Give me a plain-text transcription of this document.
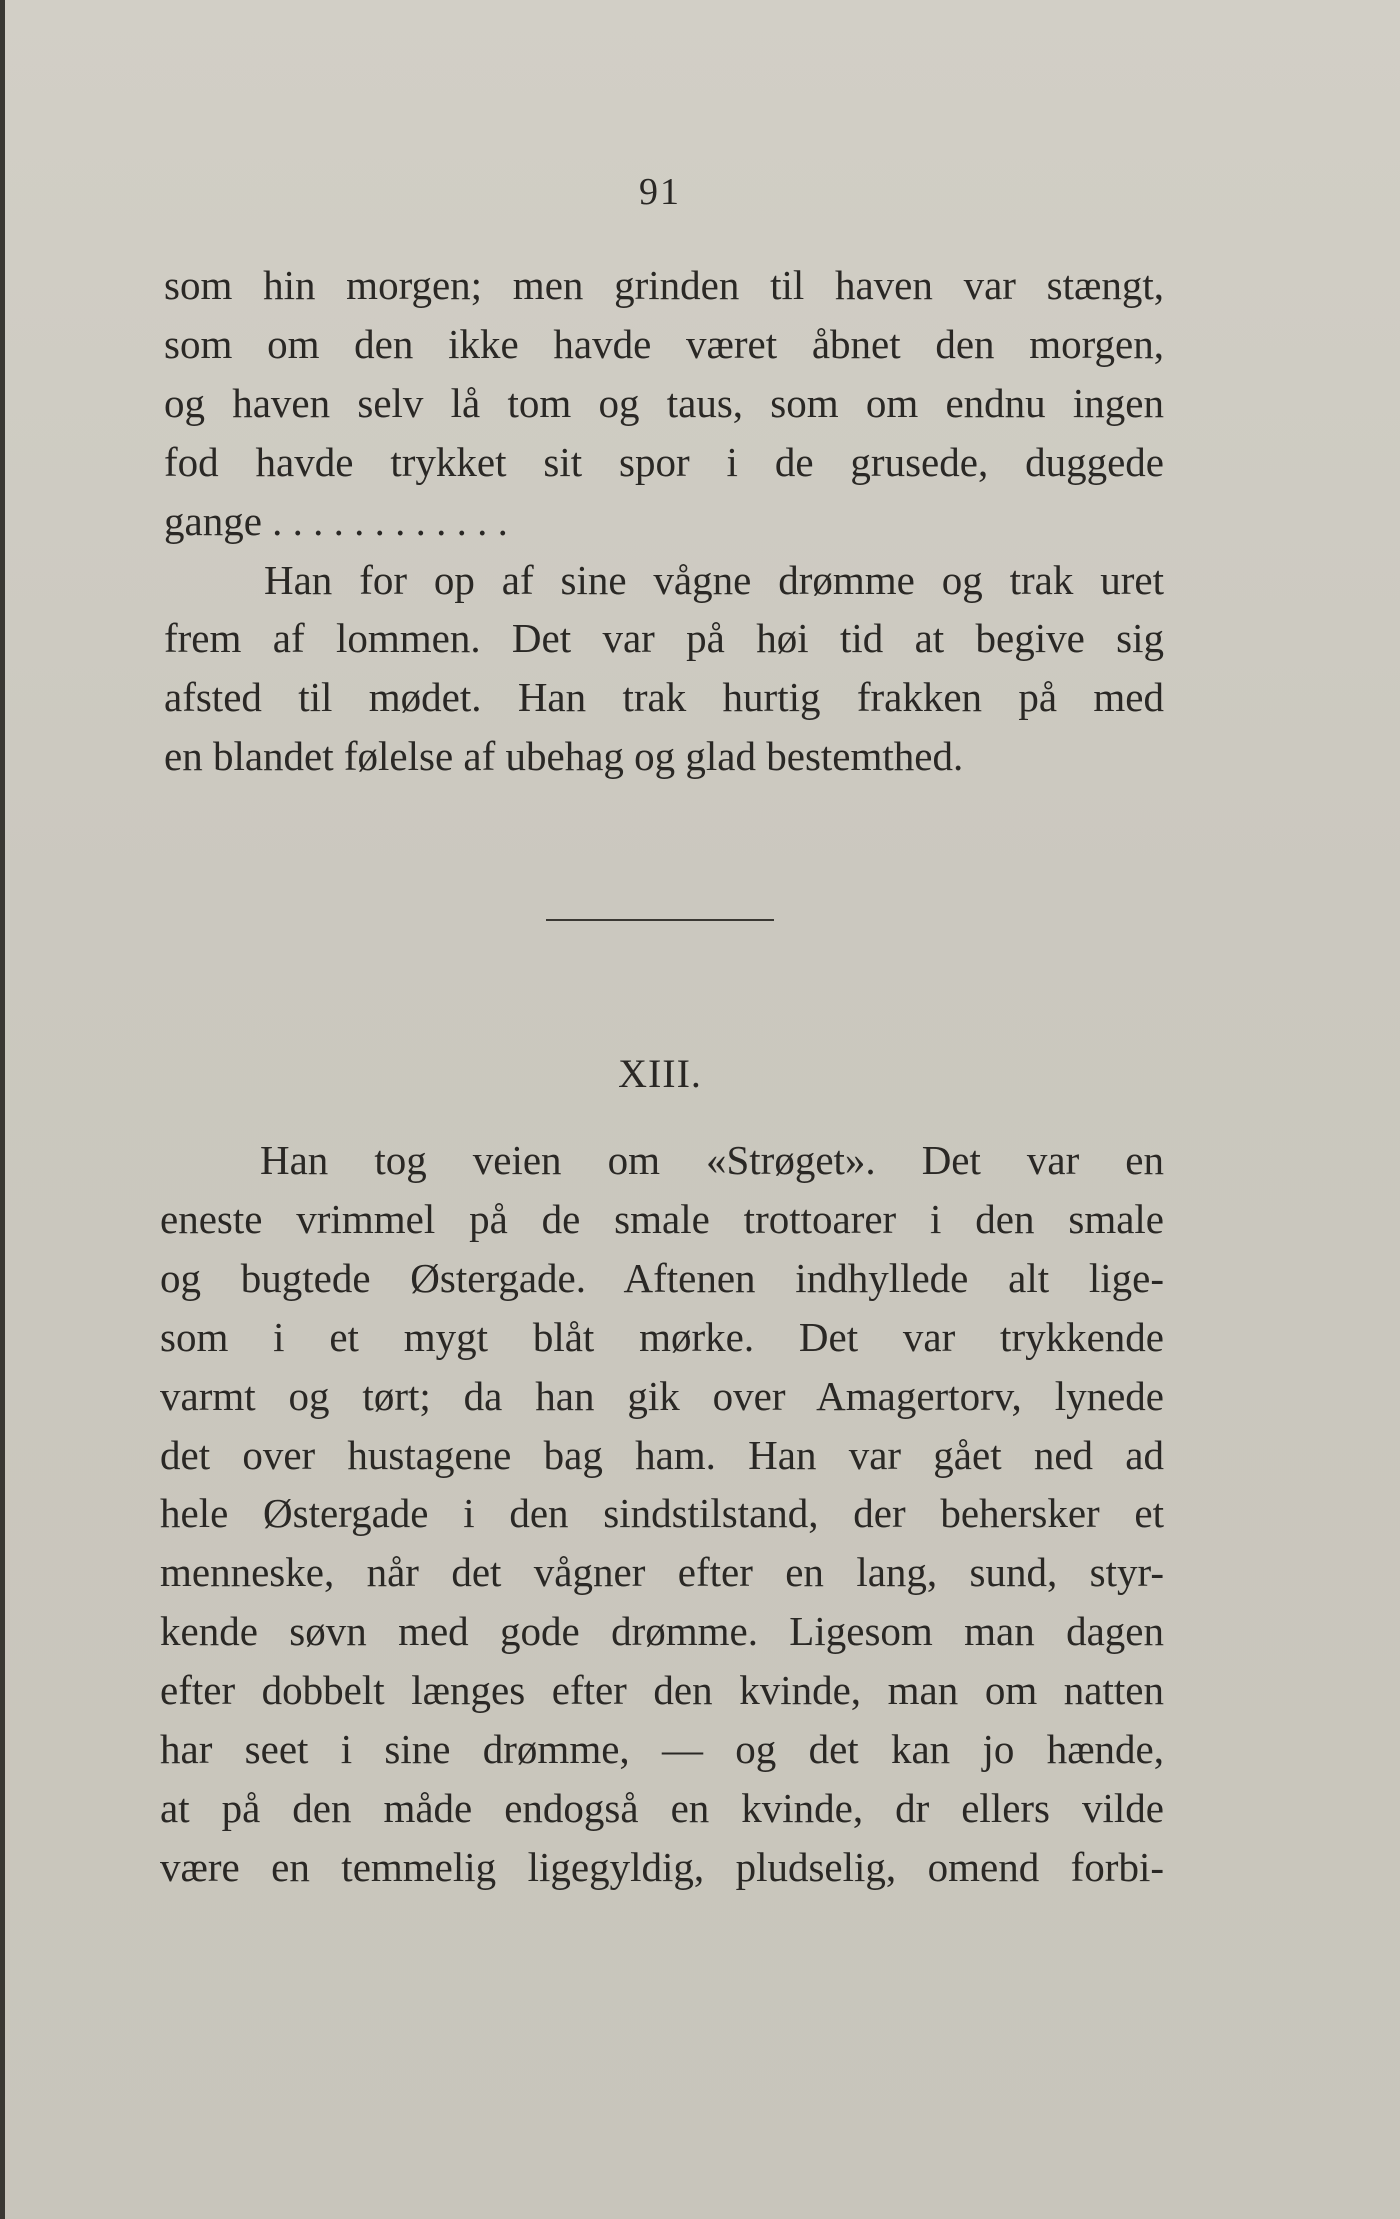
91
som hin morgen; men grinden til haven var stængt,
som om den ikke havde været åbnet den morgen,
og haven selv lå tom og taus, som om endnu ingen
fod havde trykket sit spor i de grusede, duggede
gange . . . . . . . . . . . .
Han for op af sine vågne drømme og trak uret
frem af lommen. Det var på høi tid at begive sig
afsted til mødet. Han trak hurtig frakken på med
en blandet følelse af ubehag og glad bestemthed.
XIII.
Han tog veien om «Strøget». Det var en
eneste vrimmel på de smale trottoarer i den smale
og bugtede Østergade. Aftenen indhyllede alt lige-
som i et mygt blåt mørke. Det var trykkende
varmt og tørt; da han gik over Amagertorv, lynede
det over hustagene bag ham. Han var gået ned ad
hele Østergade i den sindstilstand, der behersker et
menneske, når det vågner efter en lang, sund, styr-
kende søvn med gode drømme. Ligesom man dagen
efter dobbelt længes efter den kvinde, man om natten
har seet i sine drømme, — og det kan jo hænde,
at på den måde endogså en kvinde, dr ellers vilde
være en temmelig ligegyldig, pludselig, omend forbi-
